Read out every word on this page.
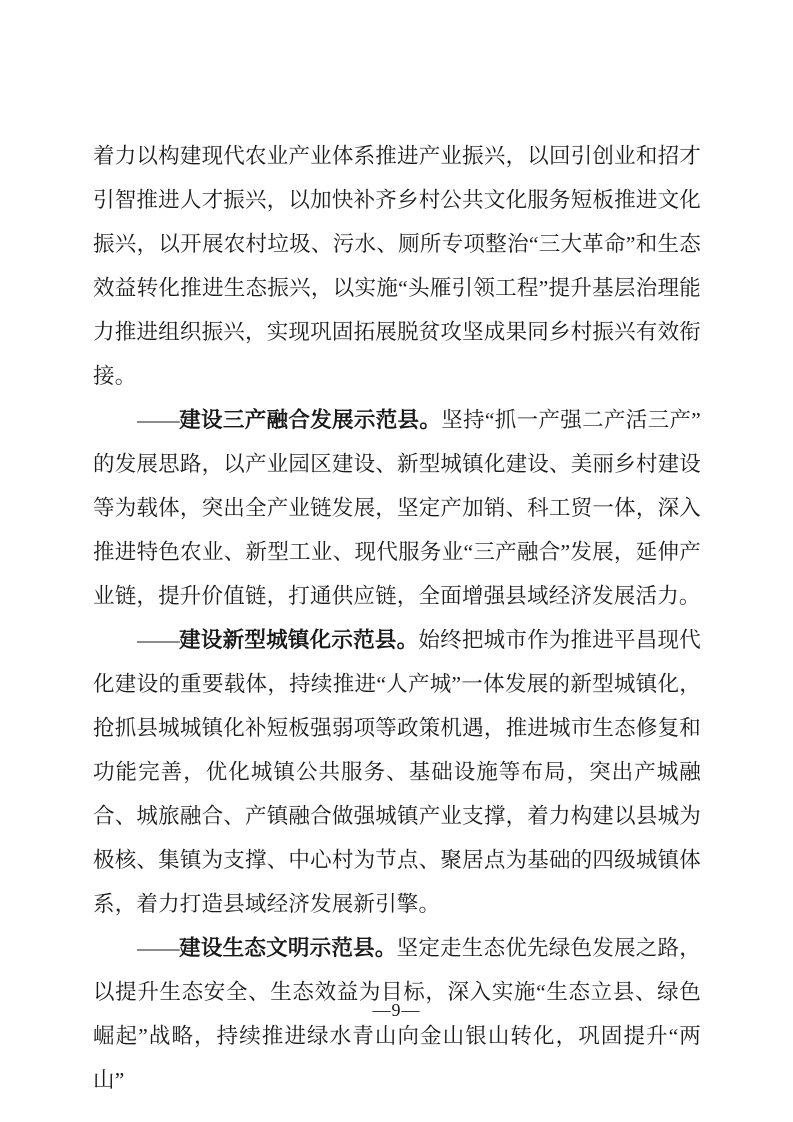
着力以构建现代农业产业体系推进产业振兴，以回引创业和招才引智推进人才振兴，以加快补齐乡村公共文化服务短板推进文化振兴，以开展农村垃圾、污水、厕所专项整治“三大革命”和生态效益转化推进生态振兴，以实施“头雁引领工程”提升基层治理能力推进组织振兴，实现巩固拓展脱贫攻坚成果同乡村振兴有效衔接。

——建设三产融合发展示范县。坚持“抓一产强二产活三产”的发展思路，以产业园区建设、新型城镇化建设、美丽乡村建设等为载体，突出全产业链发展，坚定产加销、科工贸一体，深入推进特色农业、新型工业、现代服务业“三产融合”发展，延伸产业链，提升价值链，打通供应链，全面增强县域经济发展活力。

——建设新型城镇化示范县。始终把城市作为推进平昌现代化建设的重要载体，持续推进“人产城”一体发展的新型城镇化，抢抓县城城镇化补短板强弱项等政策机遇，推进城市生态修复和功能完善，优化城镇公共服务、基础设施等布局，突出产城融合、城旅融合、产镇融合做强城镇产业支撑，着力构建以县城为极核、集镇为支撑、中心村为节点、聚居点为基础的四级城镇体系，着力打造县域经济发展新引擎。

——建设生态文明示范县。坚定走生态优先绿色发展之路，以提升生态安全、生态效益为目标，深入实施“生态立县、绿色崛起”战略，持续推进绿水青山向金山银山转化，巩固提升“两山”

—9—
